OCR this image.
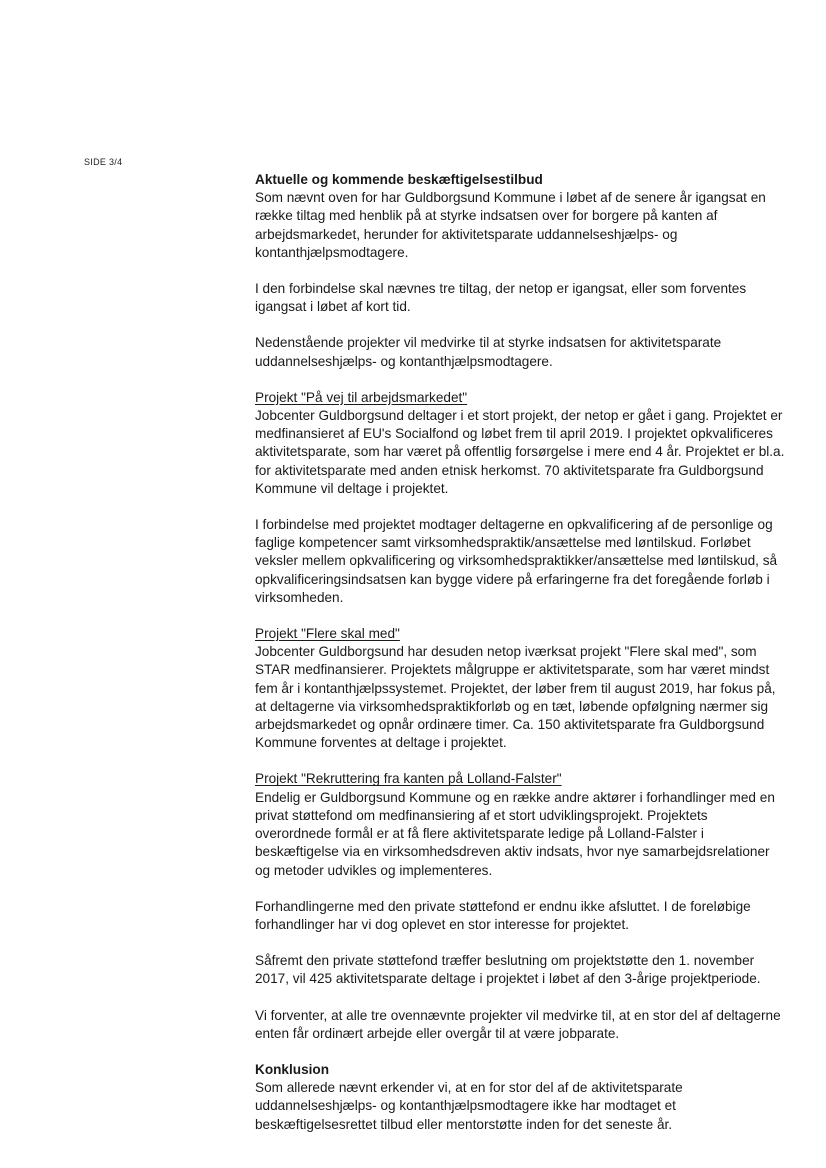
SIDE 3/4
Aktuelle og kommende beskæftigelsestilbud

Som nævnt oven for har Guldborgsund Kommune i løbet af de senere år igangsat en række tiltag med henblik på at styrke indsatsen over for borgere på kanten af arbejdsmarkedet, herunder for aktivitetsparate uddannelseshjælps- og kontanthjælpsmodtagere.

I den forbindelse skal nævnes tre tiltag, der netop er igangsat, eller som forventes igangsat i løbet af kort tid.

Nedenstående projekter vil medvirke til at styrke indsatsen for aktivitetsparate uddannelseshjælps- og kontanthjælpsmodtagere.

Projekt "På vej til arbejdsmarkedet"

Jobcenter Guldborgsund deltager i et stort projekt, der netop er gået i gang. Projektet er medfinansieret af EU's Socialfond og løbet frem til april 2019. I projektet opkvalificeres aktivitetsparate, som har været på offentlig forsørgelse i mere end 4 år. Projektet er bl.a. for aktivitetsparate med anden etnisk herkomst. 70 aktivitetsparate fra Guldborgsund Kommune vil deltage i projektet.

I forbindelse med projektet modtager deltagerne en opkvalificering af de personlige og faglige kompetencer samt virksomhedspraktik/ansættelse med løntilskud. Forløbet veksler mellem opkvalificering og virksomhedspraktikker/ansættelse med løntilskud, så opkvalificeringsindsatsen kan bygge videre på erfaringerne fra det foregående forløb i virksomheden.

Projekt "Flere skal med"

Jobcenter Guldborgsund har desuden netop iværksat projekt "Flere skal med", som STAR medfinansierer. Projektets målgruppe er aktivitetsparate, som har været mindst fem år i kontanthjælpssystemet. Projektet, der løber frem til august 2019, har fokus på, at deltagerne via virksomhedspraktikforløb og en tæt, løbende opfølgning nærmer sig arbejdsmarkedet og opnår ordinære timer. Ca. 150 aktivitetsparate fra Guldborgsund Kommune forventes at deltage i projektet.

Projekt "Rekruttering fra kanten på Lolland-Falster"

Endelig er Guldborgsund Kommune og en række andre aktører i forhandlinger med en privat støttefond om medfinansiering af et stort udviklingsprojekt. Projektets overordnede formål er at få flere aktivitetsparate ledige på Lolland-Falster i beskæftigelse via en virksomhedsdreven aktiv indsats, hvor nye samarbejdsrelationer og metoder udvikles og implementeres.

Forhandlingerne med den private støttefond er endnu ikke afsluttet. I de foreløbige forhandlinger har vi dog oplevet en stor interesse for projektet.

Såfremt den private støttefond træffer beslutning om projektstøtte den 1. november 2017, vil 425 aktivitetsparate deltage i projektet i løbet af den 3-årige projektperiode.

Vi forventer, at alle tre ovennævnte projekter vil medvirke til, at en stor del af deltagerne enten får ordinært arbejde eller overgår til at være jobparate.

Konklusion

Som allerede nævnt erkender vi, at en for stor del af de aktivitetsparate uddannelseshjælps- og kontanthjælpsmodtagere ikke har modtaget et beskæftigelsesrettet tilbud eller mentorstøtte inden for det seneste år.
